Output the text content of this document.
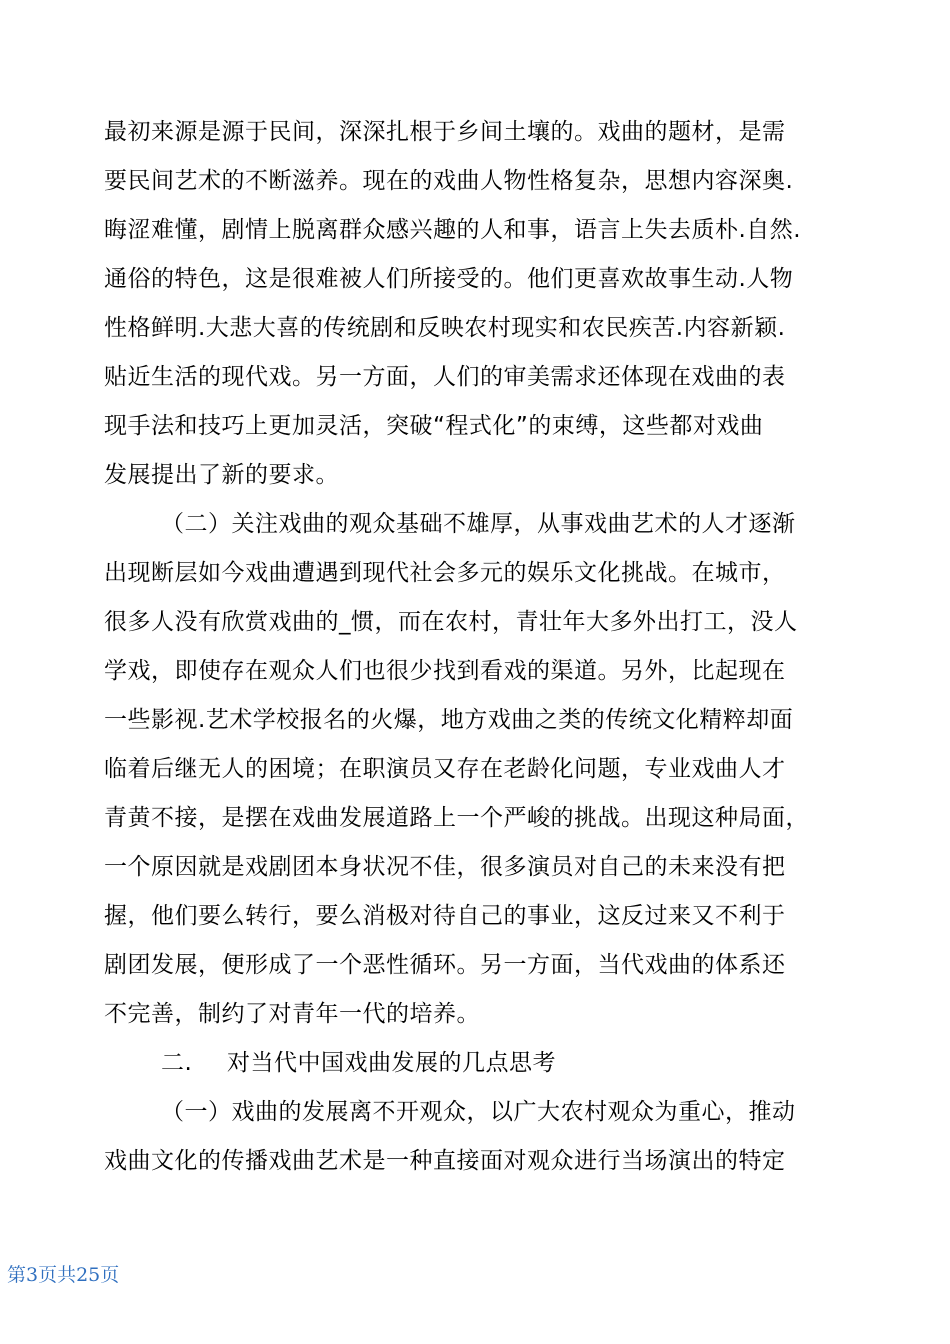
最初来源是源于民间，深深扎根于乡间土壤的。戏曲的题材，是需
要民间艺术的不断滋养。现在的戏曲人物性格复杂，思想内容深奥.
晦涩难懂，剧情上脱离群众感兴趣的人和事，语言上失去质朴.自然.
通俗的特色，这是很难被人们所接受的。他们更喜欢故事生动.人物
性格鲜明.大悲大喜的传统剧和反映农村现实和农民疾苦.内容新颖.
贴近生活的现代戏。另一方面，人们的审美需求还体现在戏曲的表
现手法和技巧上更加灵活，突破“程式化”的束缚，这些都对戏曲
发展提出了新的要求。
（二）关注戏曲的观众基础不雄厚，从事戏曲艺术的人才逐渐
出现断层如今戏曲遭遇到现代社会多元的娱乐文化挑战。在城市，
很多人没有欣赏戏曲的_惯，而在农村，青壮年大多外出打工，没人
学戏，即使存在观众人们也很少找到看戏的渠道。另外，比起现在
一些影视.艺术学校报名的火爆，地方戏曲之类的传统文化精粹却面
临着后继无人的困境；在职演员又存在老龄化问题，专业戏曲人才
青黄不接，是摆在戏曲发展道路上一个严峻的挑战。出现这种局面，
一个原因就是戏剧团本身状况不佳，很多演员对自己的未来没有把
握，他们要么转行，要么消极对待自己的事业，这反过来又不利于
剧团发展，便形成了一个恶性循环。另一方面，当代戏曲的体系还
不完善，制约了对青年一代的培养。
二. 对当代中国戏曲发展的几点思考
（一）戏曲的发展离不开观众，以广大农村观众为重心，推动
戏曲文化的传播戏曲艺术是一种直接面对观众进行当场演出的特定
第3页共25页
